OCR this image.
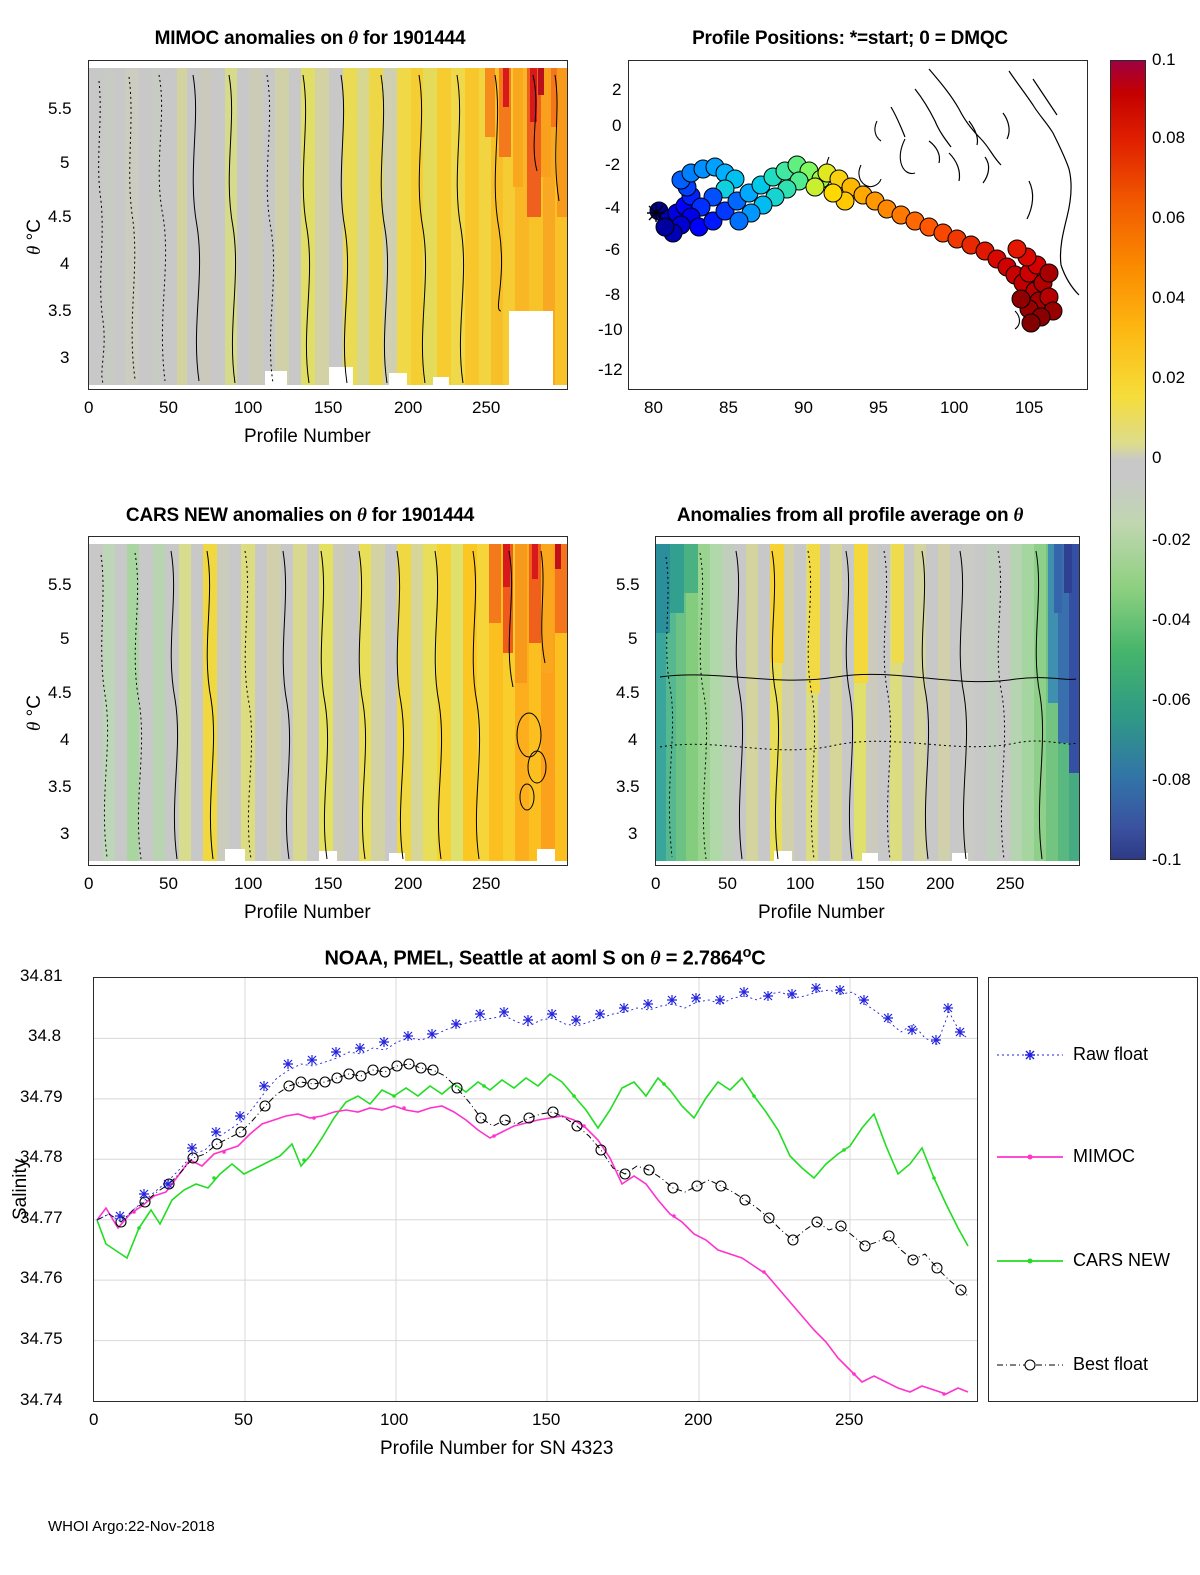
MIMOC anomalies on θ for 1901444
5.5
5
4.5
4
3.5
3
0	50	100	150	200	250
Profile Number
θ °C
Profile Positions: *=start; 0 = DMQC
2
0
-2
-4
-6
-8
-10
-12
80	85	90	95	100	105
0.1
0.08
0.06
0.04
0.02
0
-0.02
-0.04
-0.06
-0.08
-0.1
CARS NEW anomalies on θ for 1901444
5.5
5
4.5
4
3.5
3
0	50	100	150	200	250
Profile Number
θ °C
Anomalies from all profile average on θ
5.5
5
4.5
4
3.5
3
0	50	100 150 200 250
Profile Number
NOAA, PMEL, Seattle at aoml S on $\theta = 2.7864^oC$
34.81
34.8
34.79
34.78
34.77
34.76
34.75
34.74
0	50	100	150	200	250
Profile Number for SN 4323
Salinity
Raw float
MIMOC
CARS NEW
Best float
WHOI Argo:22-Nov-2018
